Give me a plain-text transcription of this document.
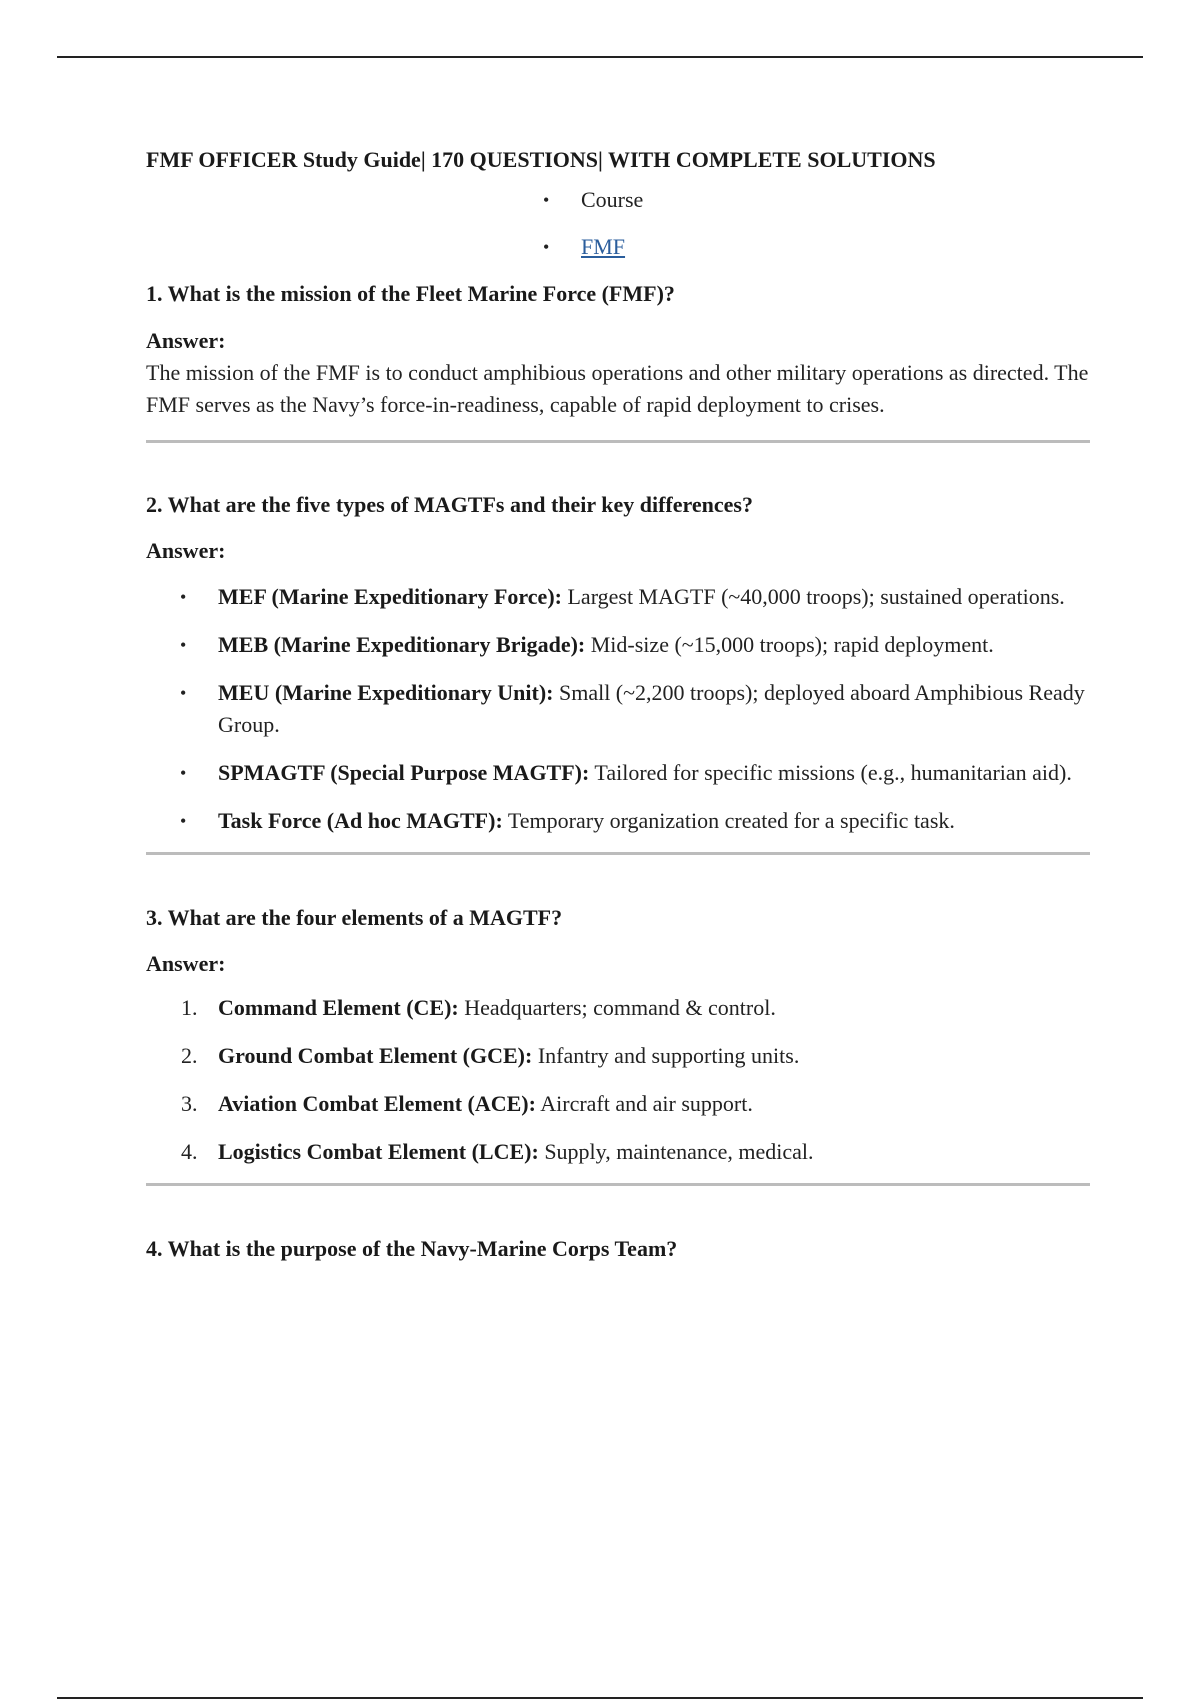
FMF OFFICER Study Guide| 170 QUESTIONS| WITH COMPLETE SOLUTIONS
• Course
• FMF
1. What is the mission of the Fleet Marine Force (FMF)?

Answer:

The mission of the FMF is to conduct amphibious operations and other military operations as directed. The FMF serves as the Navy’s force-in-readiness, capable of rapid deployment to crises.

2. What are the five types of MAGTFs and their key differences?

Answer:

• MEF (Marine Expeditionary Force): Largest MAGTF (~40,000 troops); sustained operations.
• MEB (Marine Expeditionary Brigade): Mid-size (~15,000 troops); rapid deployment.
• MEU (Marine Expeditionary Unit): Small (~2,200 troops); deployed aboard Amphibious Ready Group.
• SPMAGTF (Special Purpose MAGTF): Tailored for specific missions (e.g., humanitarian aid).
• Task Force (Ad hoc MAGTF): Temporary organization created for a specific task.
3. What are the four elements of a MAGTF?

Answer:

1. Command Element (CE): Headquarters; command & control.
2. Ground Combat Element (GCE): Infantry and supporting units.
3. Aviation Combat Element (ACE): Aircraft and air support.
4. Logistics Combat Element (LCE): Supply, maintenance, medical.
4. What is the purpose of the Navy-Marine Corps Team?
